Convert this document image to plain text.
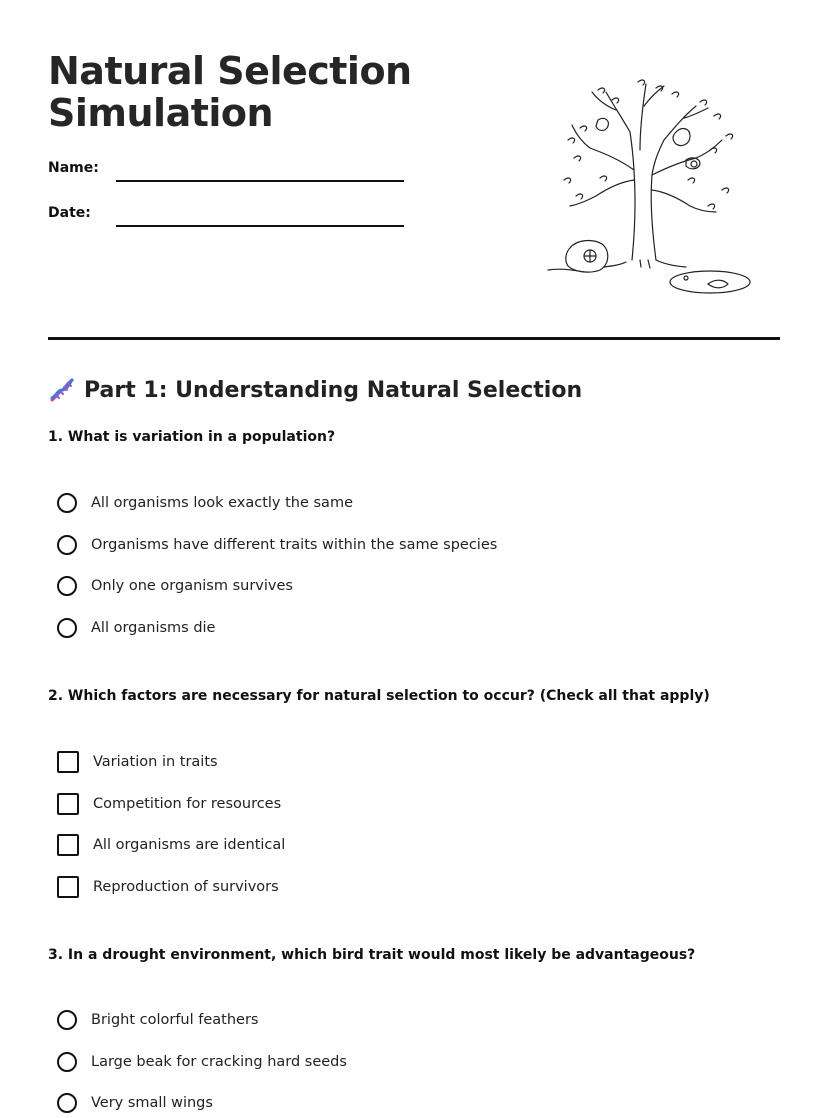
Natural Selection Simulation
Name:
Date:
Part 1: Understanding Natural Selection
1. What is variation in a population?
All organisms look exactly the same
Organisms have different traits within the same species
Only one organism survives
All organisms die
2. Which factors are necessary for natural selection to occur? (Check all that apply)
Variation in traits
Competition for resources
All organisms are identical
Reproduction of survivors
3. In a drought environment, which bird trait would most likely be advantageous?
Bright colorful feathers
Large beak for cracking hard seeds
Very small wings
